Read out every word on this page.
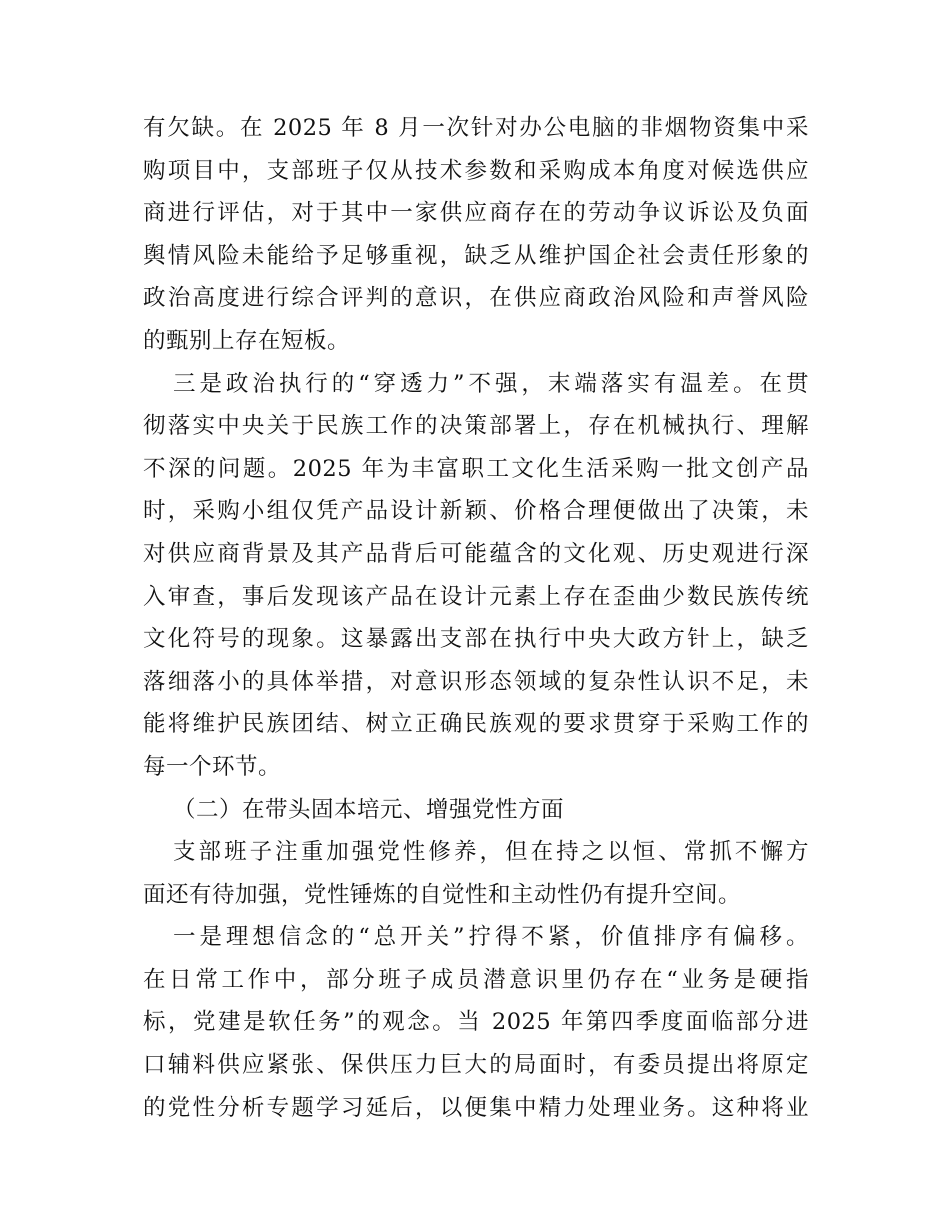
有欠缺。在 2025 年 8 月一次针对办公电脑的非烟物资集中采
购项目中，支部班子仅从技术参数和采购成本角度对候选供应
商进行评估，对于其中一家供应商存在的劳动争议诉讼及负面
舆情风险未能给予足够重视，缺乏从维护国企社会责任形象的
政治高度进行综合评判的意识，在供应商政治风险和声誉风险
的甄别上存在短板。
三是政治执行的“穿透力”不强，末端落实有温差。在贯
彻落实中央关于民族工作的决策部署上，存在机械执行、理解
不深的问题。2025 年为丰富职工文化生活采购一批文创产品
时，采购小组仅凭产品设计新颖、价格合理便做出了决策，未
对供应商背景及其产品背后可能蕴含的文化观、历史观进行深
入审查，事后发现该产品在设计元素上存在歪曲少数民族传统
文化符号的现象。这暴露出支部在执行中央大政方针上，缺乏
落细落小的具体举措，对意识形态领域的复杂性认识不足，未
能将维护民族团结、树立正确民族观的要求贯穿于采购工作的
每一个环节。
（二）在带头固本培元、增强党性方面
支部班子注重加强党性修养，但在持之以恒、常抓不懈方
面还有待加强，党性锤炼的自觉性和主动性仍有提升空间。
一是理想信念的“总开关”拧得不紧，价值排序有偏移。
在日常工作中，部分班子成员潜意识里仍存在“业务是硬指
标，党建是软任务”的观念。当 2025 年第四季度面临部分进
口辅料供应紧张、保供压力巨大的局面时，有委员提出将原定
的党性分析专题学习延后，以便集中精力处理业务。这种将业
